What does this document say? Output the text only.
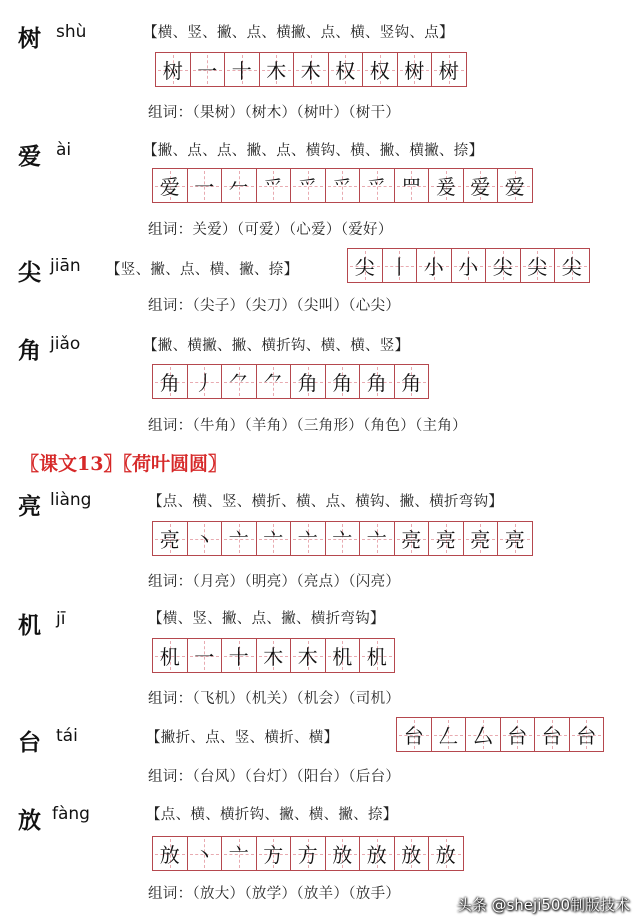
树 shù	【横、竖、撇、点、横撇、点、横、竖钩、点】
树 一 十 木 木 权 权 树 树
组词：（果树）（树木）（树叶）（树干）
爱 ài	【撇、点、点、撇、点、横钩、横、撇、横撇、捺】
爱 一 𠂉 爫 爫 爫 爫 罒 爰 爱 爱
组词：关爱）（可爱）（心爱）（爱好）
尖 jiān 【竖、撇、点、横、撇、捺】	尖 丨 小 小 尖 尖 尖
组词：（尖子）（尖刀）（尖叫）（心尖）
角 jiǎo	【撇、横撇、撇、横折钩、横、横、竖】
角 丿 ⺈ ⺈ 角 角 角 角
组词：（牛角）（羊角）（三角形）（角色）（主角）
〖课文13〗〖荷叶圆圆〗
亮 liàng	【点、横、竖、横折、横、点、横钩、撇、横折弯钩】
亮 丶 亠 亠 亠 亠 亠 亮 亮 亮 亮
组词：（月亮）（明亮）（亮点）（闪亮）
机 jī	【横、竖、撇、点、撇、横折弯钩】
机 一 十 木 木 机 机
组词：（飞机）（机关）（机会）（司机）
台 tái	【撇折、点、竖、横折、横】	台 𠃋 厶 台 台 台
组词：（台风）（台灯）（阳台）（后台）
放 fàng	【点、横、横折钩、撇、横、撇、捺】
放 丶 亠 方 方 放 放 放 放
组词：（放大）（放学）（放羊）（放手）
头条 @sheji500制版技术
